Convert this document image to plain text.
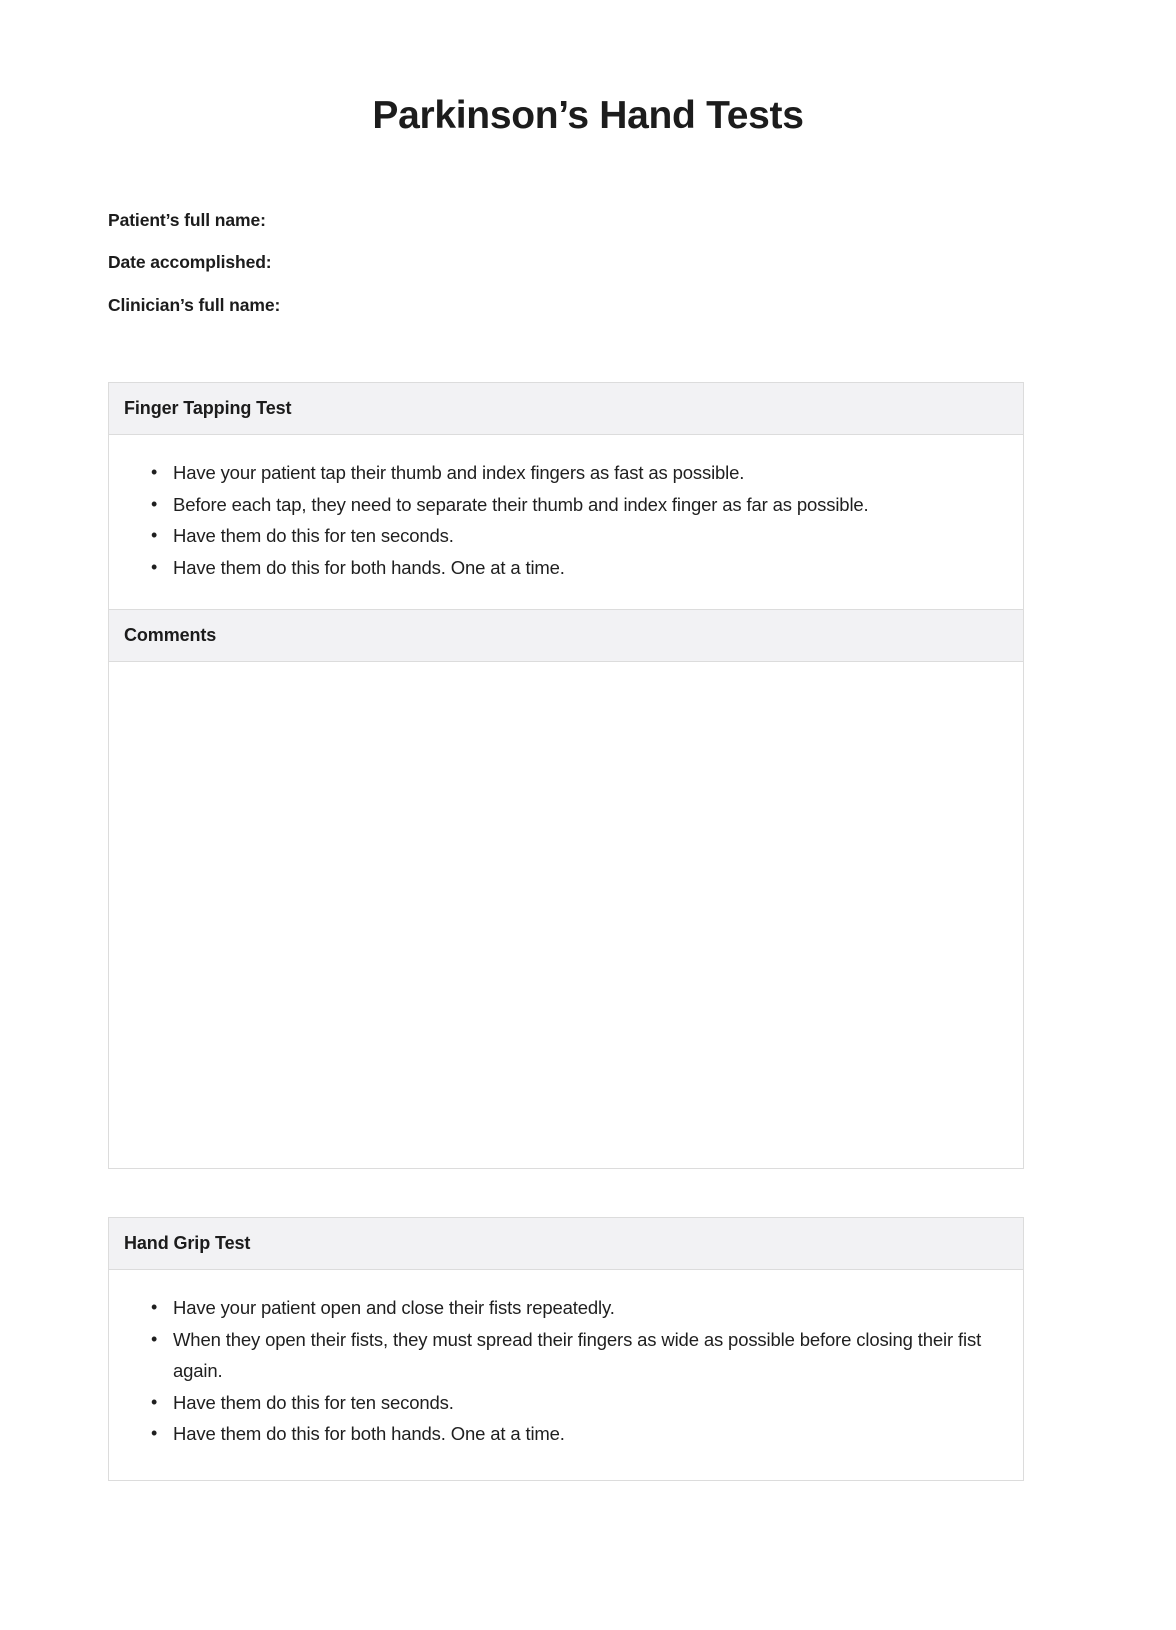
Parkinson’s Hand Tests
Patient’s full name:
Date accomplished:
Clinician’s full name:
Finger Tapping Test
• Have your patient tap their thumb and index fingers as fast as possible.
• Before each tap, they need to separate their thumb and index finger as far as possible.
• Have them do this for ten seconds.
• Have them do this for both hands. One at a time.
Comments
Hand Grip Test
• Have your patient open and close their fists repeatedly.
• When they open their fists, they must spread their fingers as wide as possible before closing their fist again.
• Have them do this for ten seconds.
• Have them do this for both hands. One at a time.
